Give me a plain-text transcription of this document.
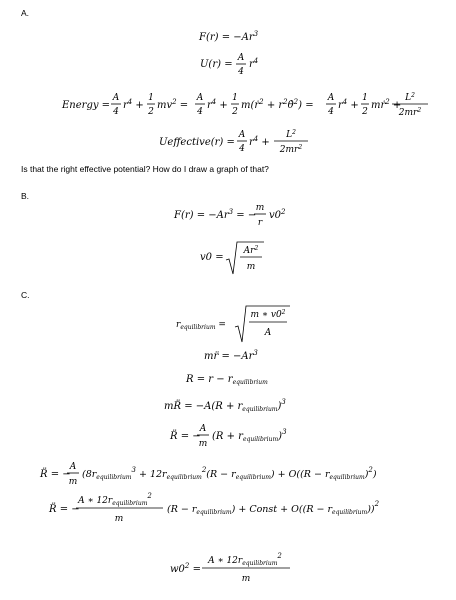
A.
$F(r) = -Ar^3$
U(r) =
A
4
$r^4$
Energy =
A
4
$r^4$ +
1
2
$mv^2$ =
A
4
$r^4$ +
1
2
m(ṙ$^2$ + $r^2\thetȧ^2$) =
A
4
$r^4$ +
1
2
mṙ$^2$ +
$L^2$
$2mr^2$
Ueffective(r) =
A
4
$r^4$ +
$L^2$
$2mr^2$
Is that the right effective potential? How do I draw a graph of that?
B.
$F(r) = -Ar^3$ = −
m
r
$v0^2$
v0 =
$Ar^2$
m
C.
$r_{equilibrium}$ =
m ∗ $v0^2$
A
mr̈ = $-Ar^3$
$R = r - r_{equilibrium}$
mR̈ = $-A(R + r_{equilibrium})^3$
R̈ = −
A
m
$(R + r_{equilibrium})^3$
R̈ = −
A
m
($8r_{equilibrium}^3 + 12r_{equilibrium}^2(R - r_{equilibrium}) + O((R - r_{equilibrium})^2)$
R̈ = −
A ∗ $12r_{equilibrium}^2$
m
$(R - r_{equilibrium})$ + Const + $O((R - r_{equilibrium}))^2$
$w0^2$ =
A ∗ $12r_{equilibrium}^2$
m
